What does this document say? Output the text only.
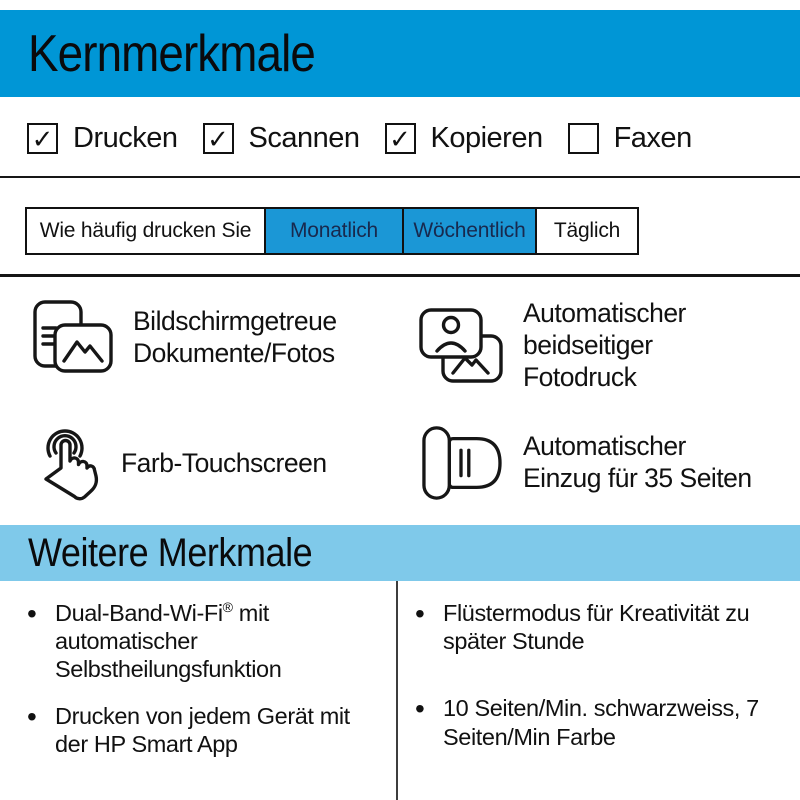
Kernmerkmale
✓ Drucken ✓ Scannen ✓ Kopieren Faxen
Wie häufig drucken Sie	Monatlich	Wöchentlich	Täglich
Bildschirmgetreue
Dokumente/Fotos
Automatischer
beidseitiger
Fotodruck
Farb-Touchscreen
Automatischer
Einzug für 35 Seiten
Weitere Merkmale
• Dual-Band-Wi-Fi® mit automatischer Selbstheilungsfunktion
• Drucken von jedem Gerät mit der HP Smart App
• Flüstermodus für Kreativität zu später Stunde
• 10 Seiten/Min. schwarzweiss, 7 Seiten/Min Farbe
